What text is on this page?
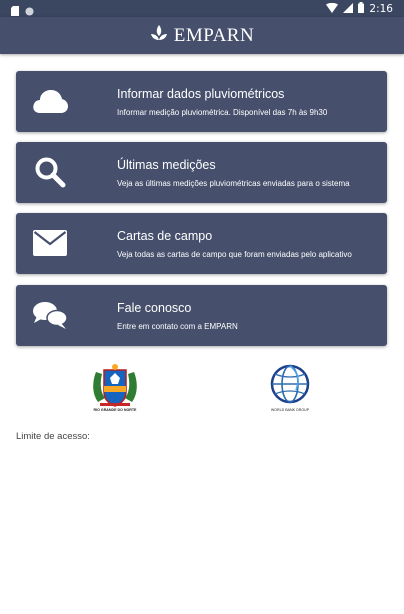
2:16
EMPARN
Informar dados pluviométricos
Informar medição pluviométrica. Disponível das 7h às 9h30
Últimas medições
Veja as últimas medições pluviométricas enviadas para o sistema
Cartas de campo
Veja todas as cartas de campo que foram enviadas pelo aplicativo
Fale conosco
Entre em contato com a EMPARN
RIO GRANDE DO NORTE	WORLD BANK GROUP
Limite de acesso:
